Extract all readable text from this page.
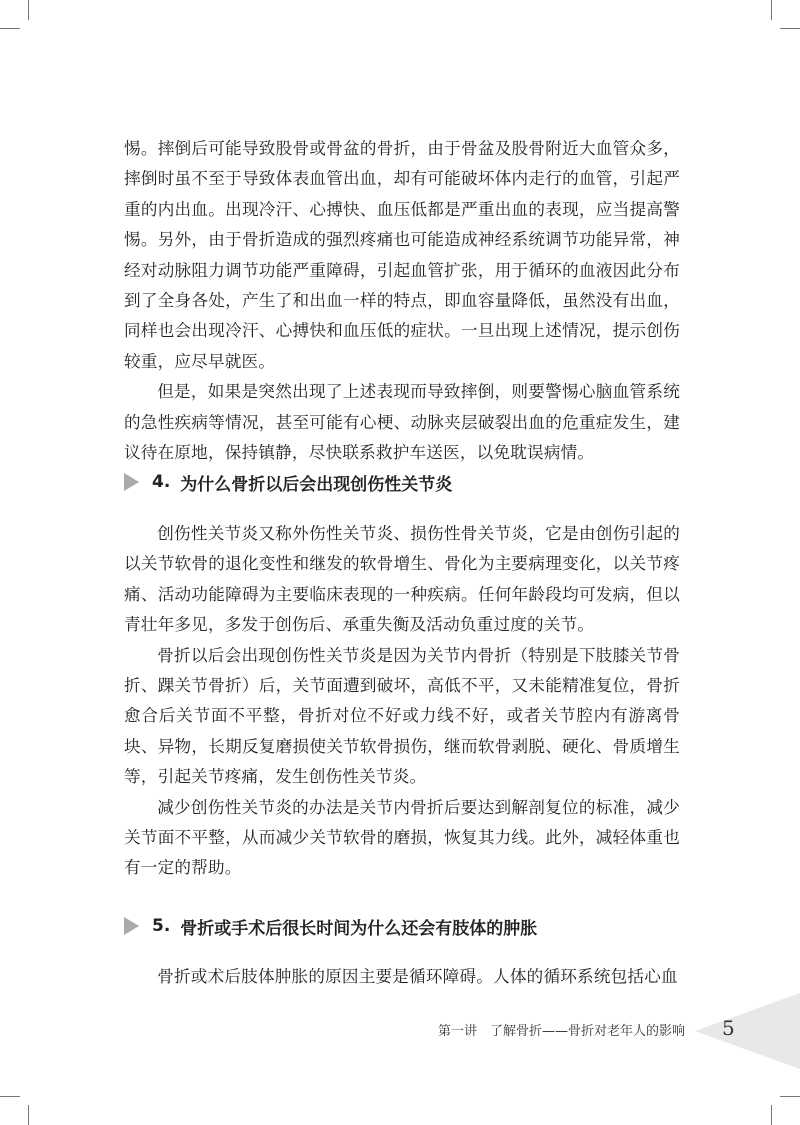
惕。摔倒后可能导致股骨或骨盆的骨折，由于骨盆及股骨附近大血管众多，摔倒时虽不至于导致体表血管出血，却有可能破坏体内走行的血管，引起严重的内出血。出现冷汗、心搏快、血压低都是严重出血的表现，应当提高警惕。另外，由于骨折造成的强烈疼痛也可能造成神经系统调节功能异常，神经对动脉阻力调节功能严重障碍，引起血管扩张，用于循环的血液因此分布到了全身各处，产生了和出血一样的特点，即血容量降低，虽然没有出血，同样也会出现冷汗、心搏快和血压低的症状。一旦出现上述情况，提示创伤较重，应尽早就医。

但是，如果是突然出现了上述表现而导致摔倒，则要警惕心脑血管系统的急性疾病等情况，甚至可能有心梗、动脉夹层破裂出血的危重症发生，建议待在原地，保持镇静，尽快联系救护车送医，以免耽误病情。

4. 为什么骨折以后会出现创伤性关节炎

创伤性关节炎又称外伤性关节炎、损伤性骨关节炎，它是由创伤引起的以关节软骨的退化变性和继发的软骨增生、骨化为主要病理变化，以关节疼痛、活动功能障碍为主要临床表现的一种疾病。任何年龄段均可发病，但以青壮年多见，多发于创伤后、承重失衡及活动负重过度的关节。

骨折以后会出现创伤性关节炎是因为关节内骨折（特别是下肢膝关节骨折、踝关节骨折）后，关节面遭到破坏，高低不平，又未能精准复位，骨折愈合后关节面不平整，骨折对位不好或力线不好，或者关节腔内有游离骨块、异物，长期反复磨损使关节软骨损伤，继而软骨剥脱、硬化、骨质增生等，引起关节疼痛，发生创伤性关节炎。

减少创伤性关节炎的办法是关节内骨折后要达到解剖复位的标准，减少关节面不平整，从而减少关节软骨的磨损，恢复其力线。此外，减轻体重也有一定的帮助。

5. 骨折或手术后很长时间为什么还会有肢体的肿胀

骨折或术后肢体肿胀的原因主要是循环障碍。人体的循环系统包括心血

第一讲　了解骨折——骨折对老年人的影响 5
